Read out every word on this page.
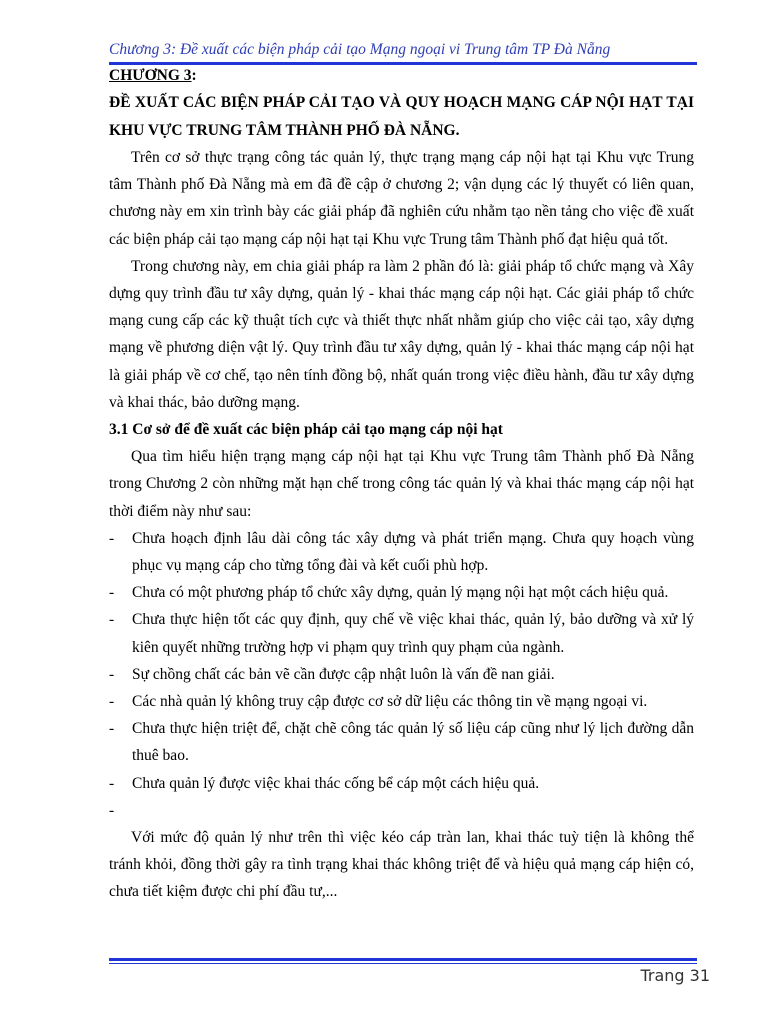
Chương 3: Đề xuất các biện pháp cải tạo Mạng ngoại vi Trung tâm TP Đà Nẵng
CHƯƠNG 3:
ĐỀ XUẤT CÁC BIỆN PHÁP CẢI TẠO VÀ QUY HOẠCH MẠNG CÁP NỘI HẠT TẠI KHU VỰC TRUNG TÂM THÀNH PHỐ ĐÀ NẴNG.
Trên cơ sở thực trạng công tác quản lý, thực trạng mạng cáp nội hạt tại Khu vực Trung tâm Thành phố Đà Nẵng mà em đã đề cập ở chương 2; vận dụng các lý thuyết có liên quan, chương này em xin trình bày các giải pháp đã nghiên cứu nhằm tạo nền tảng cho việc đề xuất các biện pháp cải tạo mạng cáp nội hạt tại Khu vực Trung tâm Thành phố đạt hiệu quả tốt.
Trong chương này, em chia giải pháp ra làm 2 phần đó là: giải pháp tổ chức mạng và Xây dựng quy trình đầu tư xây dựng, quản lý - khai thác mạng cáp nội hạt. Các giải pháp tổ chức mạng cung cấp các kỹ thuật tích cực và thiết thực nhất nhằm giúp cho việc cải tạo, xây dựng mạng về phương diện vật lý. Quy trình đầu tư xây dựng, quản lý - khai thác mạng cáp nội hạt là giải pháp về cơ chế, tạo nên tính đồng bộ, nhất quán trong việc điều hành, đầu tư xây dựng và khai thác, bảo dưỡng mạng.
3.1 Cơ sở để đề xuất các biện pháp cải tạo mạng cáp nội hạt
Qua tìm hiểu hiện trạng mạng cáp nội hạt tại Khu vực Trung tâm Thành phố Đà Nẵng trong Chương 2 còn những mặt hạn chế trong công tác quản lý và khai thác mạng cáp nội hạt thời điểm này như sau:
- Chưa hoạch định lâu dài công tác xây dựng và phát triển mạng. Chưa quy hoạch vùng phục vụ mạng cáp cho từng tổng đài và kết cuối phù hợp.
- Chưa có một phương pháp tổ chức xây dựng, quản lý mạng nội hạt một cách hiệu quả.
- Chưa thực hiện tốt các quy định, quy chế về việc khai thác, quản lý, bảo dưỡng và xử lý kiên quyết những trường hợp vi phạm quy trình quy phạm của ngành.
- Sự chồng chất các bản vẽ cần được cập nhật luôn là vấn đề nan giải.
- Các nhà quản lý không truy cập được cơ sở dữ liệu các thông tin về mạng ngoại vi.
- Chưa thực hiện triệt để, chặt chẽ công tác quản lý số liệu cáp cũng như lý lịch đường dẫn thuê bao.
- Chưa quản lý được việc khai thác cống bể cáp một cách hiệu quả.
-
Với mức độ quản lý như trên thì việc kéo cáp tràn lan, khai thác tuỳ tiện là không thể tránh khỏi, đồng thời gây ra tình trạng khai thác không triệt để và hiệu quả mạng cáp hiện có, chưa tiết kiệm được chi phí đầu tư,...
Trang 31
